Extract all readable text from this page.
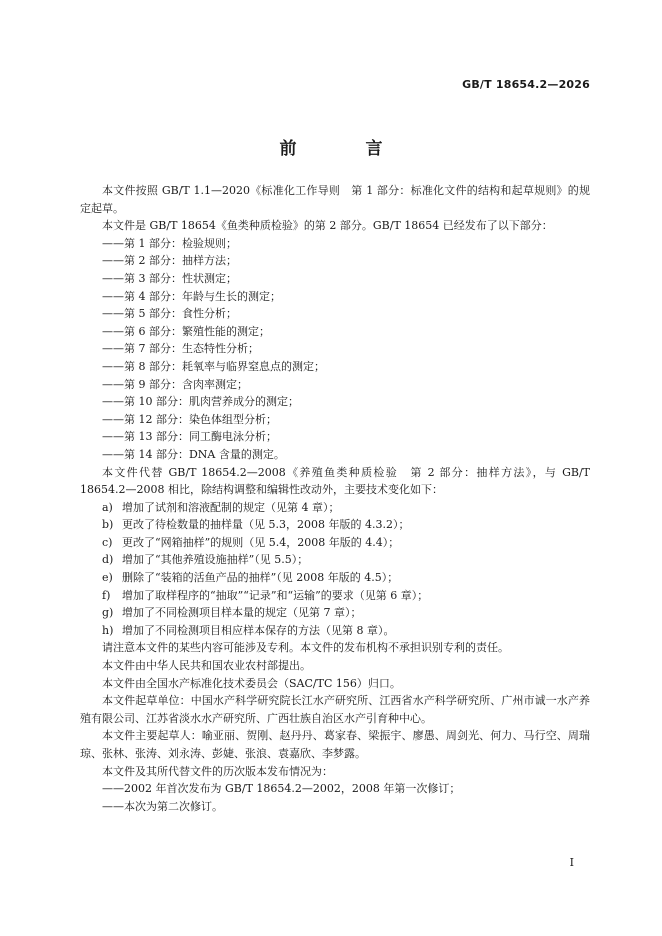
GB/T 18654.2—2026
前　言

本文件按照 GB/T 1.1—2020《标准化工作导则　第 1 部分：标准化文件的结构和起草规则》的规定起草。

本文件是 GB/T 18654《鱼类种质检验》的第 2 部分。GB/T 18654 已经发布了以下部分：

——第 1 部分：检验规则；

——第 2 部分：抽样方法；

——第 3 部分：性状测定；

——第 4 部分：年龄与生长的测定；

——第 5 部分：食性分析；

——第 6 部分：繁殖性能的测定；

——第 7 部分：生态特性分析；

——第 8 部分：耗氧率与临界窒息点的测定；

——第 9 部分：含肉率测定；

——第 10 部分：肌肉营养成分的测定；

——第 12 部分：染色体组型分析；

——第 13 部分：同工酶电泳分析；

——第 14 部分：DNA 含量的测定。

本文件代替 GB/T 18654.2—2008《养殖鱼类种质检验　第 2 部分：抽样方法》，与 GB/T 18654.2—2008 相比，除结构调整和编辑性改动外，主要技术变化如下：

a) 增加了试剂和溶液配制的规定（见第 4 章）；
b) 更改了待检数量的抽样量（见 5.3，2008 年版的 4.3.2）；
c) 更改了“网箱抽样”的规则（见 5.4，2008 年版的 4.4）；
d) 增加了“其他养殖设施抽样”（见 5.5）；
e) 删除了“装箱的活鱼产品的抽样”（见 2008 年版的 4.5）；
f)	增加了取样程序的“抽取”“记录”和“运输”的要求（见第 6 章）；
g) 增加了不同检测项目样本量的规定（见第 7 章）；
h) 增加了不同检测项目相应样本保存的方法（见第 8 章）。

请注意本文件的某些内容可能涉及专利。本文件的发布机构不承担识别专利的责任。

本文件由中华人民共和国农业农村部提出。

本文件由全国水产标准化技术委员会（SAC/TC 156）归口。

本文件起草单位：中国水产科学研究院长江水产研究所、江西省水产科学研究所、广州市诚一水产养殖有限公司、江苏省淡水水产研究所、广西壮族自治区水产引育种中心。

本文件主要起草人：喻亚丽、贺刚、赵丹丹、葛家春、梁振宇、廖愚、周剑光、何力、马行空、周瑞琼、张林、张涛、刘永涛、彭婕、张浪、袁嘉欣、李梦露。

本文件及其所代替文件的历次版本发布情况为：

——2002 年首次发布为 GB/T 18654.2—2002，2008 年第一次修订；

——本次为第二次修订。

I
